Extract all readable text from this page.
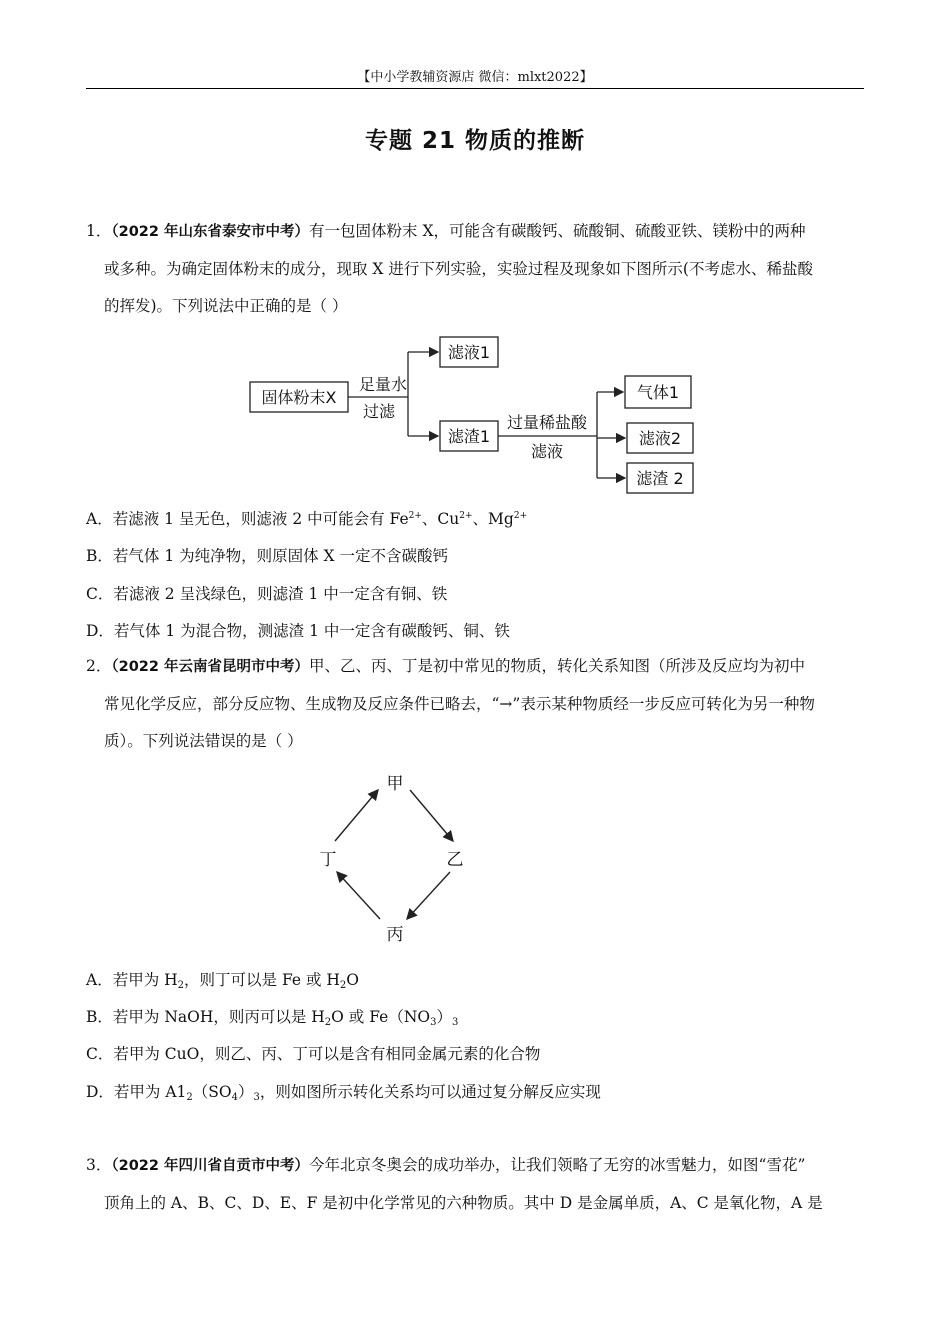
【中小学教辅资源店 微信：mlxt2022】
专题 21 物质的推断
1．（2022 年山东省泰安市中考）有一包固体粉末 X，可能含有碳酸钙、硫酸铜、硫酸亚铁、镁粉中的两种
或多种。为确定固体粉末的成分，现取 X 进行下列实验，实验过程及现象如下图所示(不考虑水、稀盐酸
的挥发)。下列说法中正确的是（ ）
固体粉末X
足量水
过滤
滤液1
滤渣1
过量稀盐酸
滤液
气体1
滤液2
滤渣 2
A．若滤液 1 呈无色，则滤液 2 中可能会有 $Fe^{2+}$、$Cu^{2+}$、$Mg^{2+}$
B．若气体 1 为纯净物，则原固体 X 一定不含碳酸钙
C．若滤液 2 呈浅绿色，则滤渣 1 中一定含有铜、铁
D．若气体 1 为混合物，测滤渣 1 中一定含有碳酸钙、铜、铁
2．（2022 年云南省昆明市中考）甲、乙、丙、丁是初中常见的物质，转化关系知图（所涉及反应均为初中
常见化学反应，部分反应物、生成物及反应条件已略去，“→”表示某种物质经一步反应可转化为另一种物
质）。下列说法错误的是（ ）
甲
乙
丙
丁
A．若甲为 $H_2$，则丁可以是 Fe 或 $H_2O$
B．若甲为 NaOH，则丙可以是 $H_2O$ 或 $Fe(NO_3)_3$
C．若甲为 CuO，则乙、丙、丁可以是含有相同金属元素的化合物
D．若甲为 $A1_2(SO_4)_3$，则如图所示转化关系均可以通过复分解反应实现
3．（2022 年四川省自贡市中考）今年北京冬奥会的成功举办，让我们领略了无穷的冰雪魅力，如图“雪花”
顶角上的 A、B、C、D、E、F 是初中化学常见的六种物质。其中 D 是金属单质，A、C 是氧化物，A 是
